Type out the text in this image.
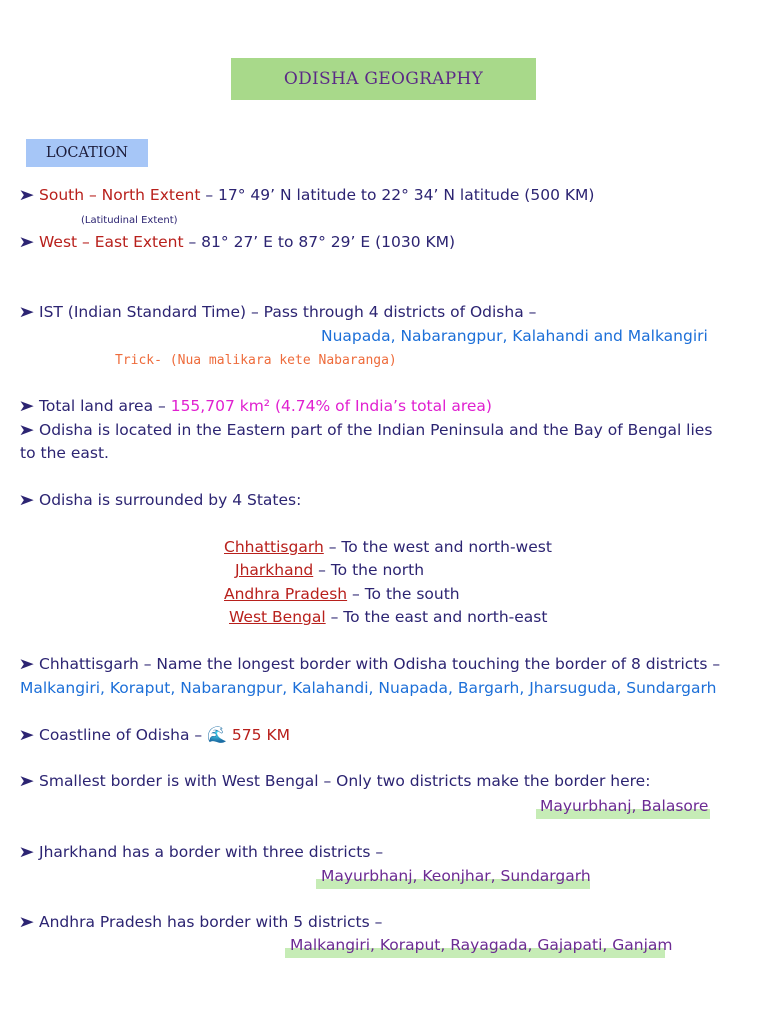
ODISHA GEOGRAPHY
LOCATION
➤ South – North Extent – 17° 49’ N latitude to 22° 34’ N latitude (500 KM)
(Latitudinal Extent)
➤ West – East Extent – 81° 27’ E to 87° 29’ E (1030 KM)
➤ IST (Indian Standard Time) – Pass through 4 districts of Odisha –
Nuapada, Nabarangpur, Kalahandi and Malkangiri
Trick- (Nua malikara kete Nabaranga)
➤ Total land area – 155,707 km² (4.74% of India’s total area)
➤ Odisha is located in the Eastern part of the Indian Peninsula and the Bay of Bengal lies
to the east.
➤ Odisha is surrounded by 4 States:
Chhattisgarh – To the west and north-west
Jharkhand – To the north
Andhra Pradesh – To the south
West Bengal – To the east and north-east
➤ Chhattisgarh – Name the longest border with Odisha touching the border of 8 districts –
Malkangiri, Koraput, Nabarangpur, Kalahandi, Nuapada, Bargarh, Jharsuguda, Sundargarh
➤ Coastline of Odisha – 🌊 575 KM
➤ Smallest border is with West Bengal – Only two districts make the border here:
Mayurbhanj, Balasore
➤ Jharkhand has a border with three districts –
Mayurbhanj, Keonjhar, Sundargarh
➤ Andhra Pradesh has border with 5 districts –
Malkangiri, Koraput, Rayagada, Gajapati, Ganjam
